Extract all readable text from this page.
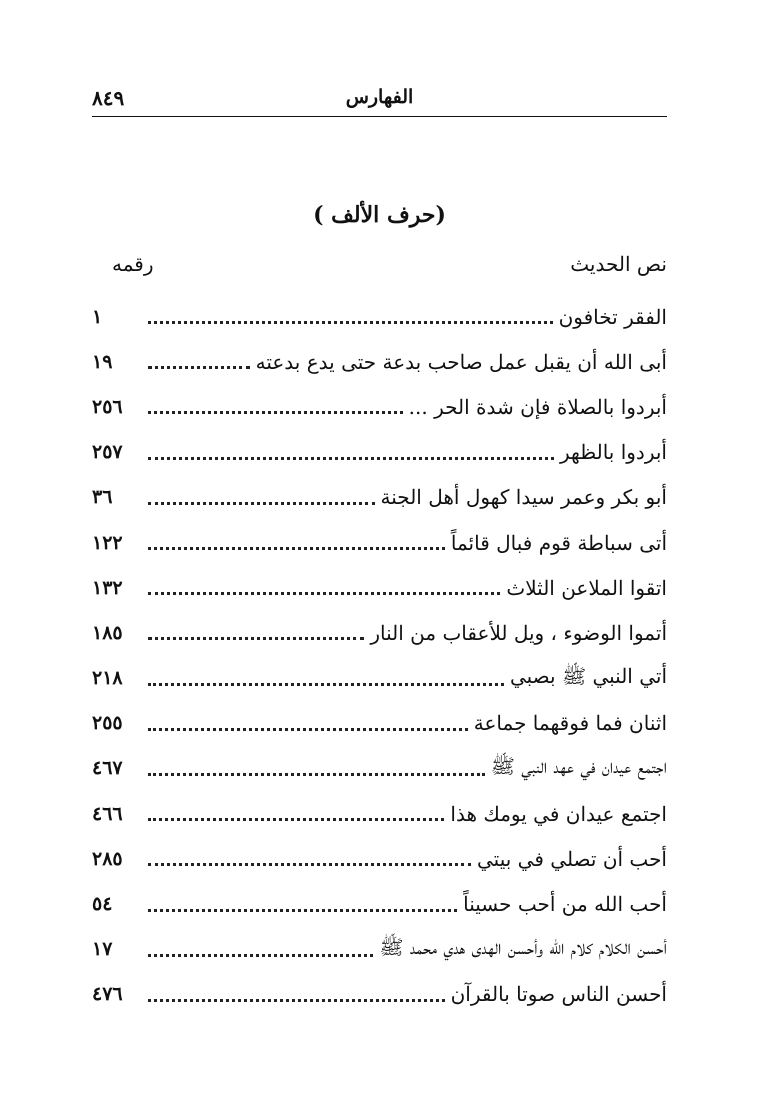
الفهارس
٨٤٩
(حرف الألف )
نص الحديث
رقمه
الفقر تخافون
١
أبى الله أن يقبل عمل صاحب بدعة حتى يدع بدعته
١٩
أبردوا بالصلاة فإن شدة الحر ...
٢٥٦
أبردوا بالظهر
٢٥٧
أبو بكر وعمر سيدا كهول أهل الجنة
٣٦
أتى سباطة قوم فبال قائماً
١٢٢
اتقوا الملاعن الثلاث
١٣٢
أتموا الوضوء ، ويل للأعقاب من النار
١٨٥
أتي النبي ﷺ بصبي
٢١٨
اثنان فما فوقهما جماعة
٢٥٥
اجتمع عيدان في عهد النبي ﷺ
٤٦٧
اجتمع عيدان في يومك هذا
٤٦٦
أحب أن تصلي في بيتي
٢٨٥
أحب الله من أحب حسيناً
٥٤
أحسن الكلام كلام الله وأحسن الهدى هدي محمد ﷺ
١٧
أحسن الناس صوتا بالقرآن
٤٧٦
